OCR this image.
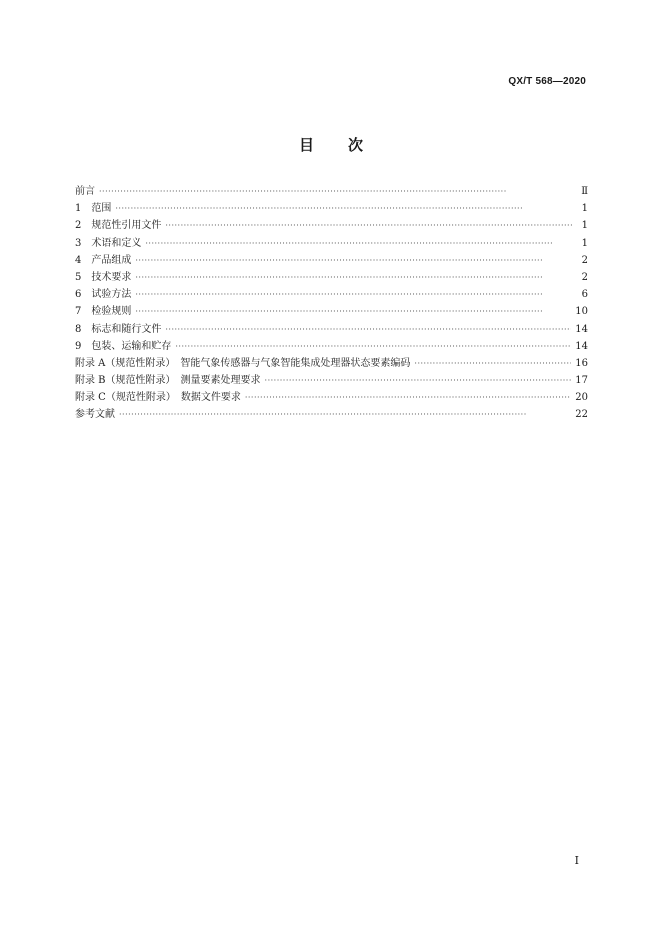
QX/T 568—2020
目次
前言 ·····	Ⅱ
1　范围 ·····	1
2　规范性引用文件 ·····	1
3　术语和定义 ·····	1
4　产品组成 ·····	2
5　技术要求 ·····	2
6　试验方法 ·····	6
7　检验规则 ·····	10
8　标志和随行文件 ·····	14
9　包装、运输和贮存 ·····	14
附录 A（规范性附录）　智能气象传感器与气象智能集成处理器状态要素编码 ·····	16
附录 B（规范性附录）　测量要素处理要求 ·····	17
附录 C（规范性附录）　数据文件要求 ·····	20
参考文献 ·····	22
I
